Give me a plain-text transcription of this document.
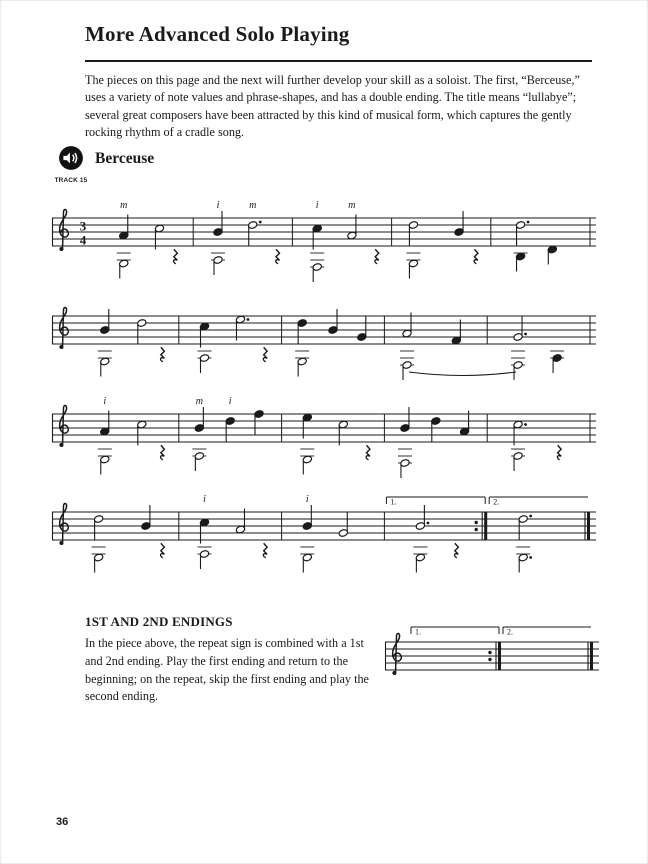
More Advanced Solo Playing

The pieces on this page and the next will further develop your skill as a soloist. The first, “Berceuse,” uses a variety of note values and phrase-shapes, and has a double ending. The title means “lullabye”; several great composers have been attracted by this kind of musical form, which captures the gently rocking rhythm of a cradle song.

TRACK 15
Berceuse
3
4
m	i	m	i	m
i	m	i
i	i	1.	2.
1ST AND 2ND ENDINGS

In the piece above, the repeat sign is combined with a 1st and 2nd ending. Play the first ending and return to the beginning; on the repeat, skip the first ending and play the second ending.

1.	2.
36
